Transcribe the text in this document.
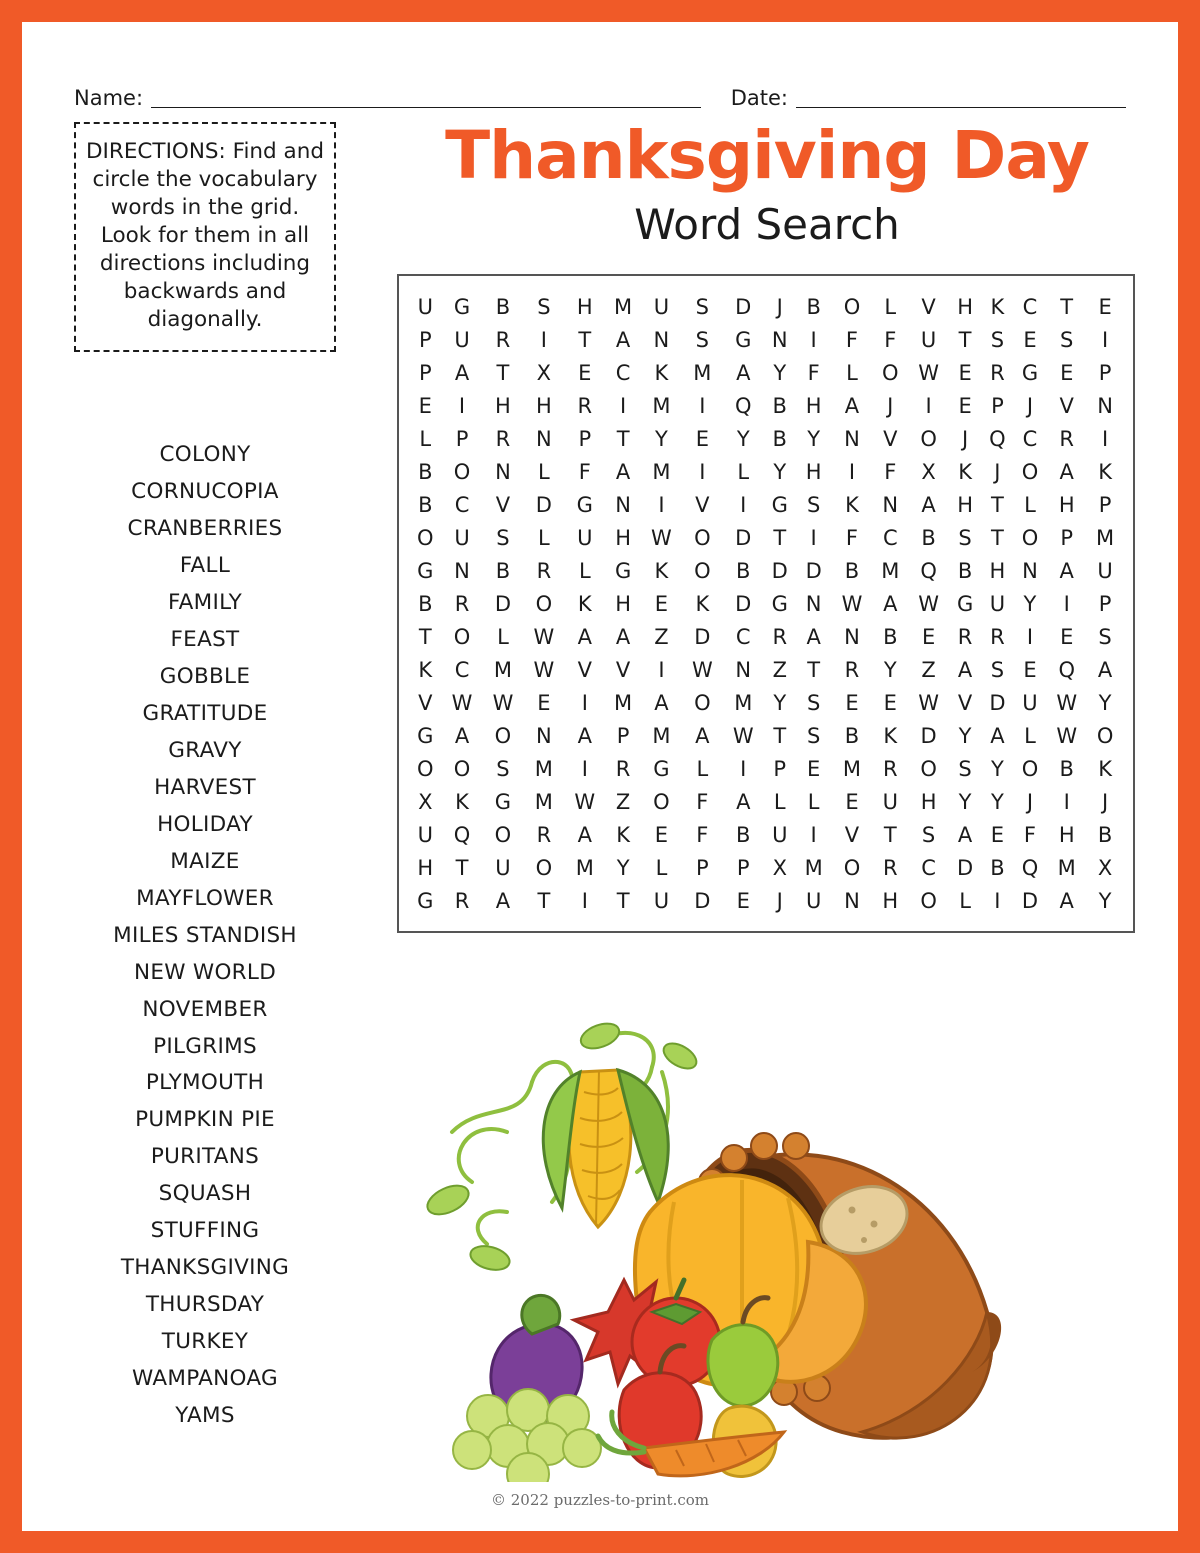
Name:	Date:
DIRECTIONS: Find and circle the vocabulary words in the grid. Look for them in all directions including backwards and diagonally.
COLONY
CORNUCOPIA
CRANBERRIES
FALL
FAMILY
FEAST
GOBBLE
GRATITUDE
GRAVY
HARVEST
HOLIDAY
MAIZE
MAYFLOWER
MILES STANDISH
NEW WORLD
NOVEMBER
PILGRIMS
PLYMOUTH
PUMPKIN PIE
PURITANS
SQUASH
STUFFING
THANKSGIVING
THURSDAY
TURKEY
WAMPANOAG
YAMS
Thanksgiving Day
Word Search
U	G	B	S	H	M	U	S	D	J	B	O	L	V	H	K	C	T	E
P	U	R	I	T	A	N	S	G	N	I	F	F	U	T	S	E	S	I
P	A	T	X	E	C	K	M	A	Y	F	L	O	W	E	R	G	E	P
E	I	H	H	R	I	M	I	Q	B	H	A	J	I	E	P	J	V	N
L	P	R	N	P	T	Y	E	Y	B	Y	N	V	O	J	Q	C	R	I
B	O	N	L	F	A	M	I	L	Y	H	I	F	X	K	J	O	A	K
B	C	V	D	G	N	I	V	I	G	S	K	N	A	H	T	L	H	P
O	U	S	L	U	H	W	O	D	T	I	F	C	B	S	T	O	P	M
G	N	B	R	L	G	K	O	B	D	D	B	M	Q	B	H	N	A	U
B	R	D	O	K	H	E	K	D	G	N	W	A	W	G	U	Y	I	P
T	O	L	W	A	A	Z	D	C	R	A	N	B	E	R	R	I	E	S
K	C	M	W	V	V	I	W	N	Z	T	R	Y	Z	A	S	E	Q	A
V	W	W	E	I	M	A	O	M	Y	S	E	E	W	V	D	U	W	Y
G	A	O	N	A	P	M	A	W	T	S	B	K	D	Y	A	L	W	O
O	O	S	M	I	R	G	L	I	P	E	M	R	O	S	Y	O	B	K
X	K	G	M	W	Z	O	F	A	L	L	E	U	H	Y	Y	J	I	J
U	Q	O	R	A	K	E	F	B	U	I	V	T	S	A	E	F	H	B
H	T	U	O	M	Y	L	P	P	X	M	O	R	C	D	B	Q	M	X
G	R	A	T	I	T	U	D	E	J	U	N	H	O	L	I	D	A	Y
© 2022 puzzles-to-print.com
